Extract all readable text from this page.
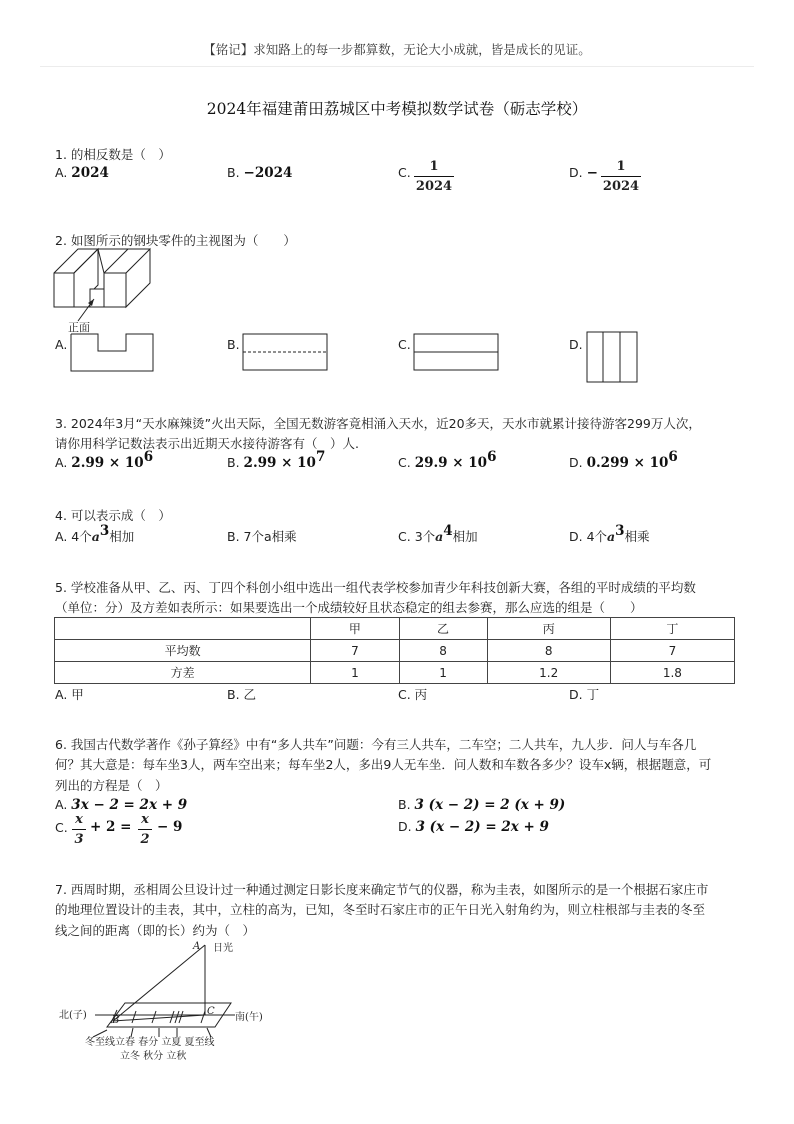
【铭记】求知路上的每一步都算数，无论大小成就，皆是成长的见证。
2024年福建莆田荔城区中考模拟数学试卷（砺志学校）
1. 的相反数是（　）
A. 2024	B. −2024	C.	1
2024
D. −	1
2024
2. 如图所示的钢块零件的主视图为（　　）
正面
A.	B.	C.	D.
3. 2024年3月“天水麻辣烫”火出天际，全国无数游客竟相涌入天水，近20多天，天水市就累计接待游客299万人次，
请你用科学记数法表示出近期天水接待游客有（　）人.
A. $2.99 \times 10^6$	B. $2.99 \times 10^7$	C. $29.9 \times 10^6$	D. $0.299 \times 10^6$
4. 可以表示成（　）
A. 4个$a^3$相加	B. 7个a相乘	C. 3个$a^4$相加	D. 4个$a^3$相乘
5. 学校准备从甲、乙、丙、丁四个科创小组中选出一组代表学校参加青少年科技创新大赛，各组的平时成绩的平均数
（单位：分）及方差如表所示：如果要选出一个成绩较好且状态稳定的组去参赛，那么应选的组是（　　）
	甲	乙	丙	丁
平均数	7	8	8	7
方差	1	1	1.2	1.8
A. 甲	B. 乙	C. 丙	D. 丁
6. 我国古代数学著作《孙子算经》中有“多人共车”问题：今有三人共车，二车空；二人共车，九人步．问人与车各几
何？其大意是：每车坐3人，两车空出来；每车坐2人，多出9人无车坐．问人数和车数各多少？设车x辆，根据题意，可
列出的方程是（　）
A. 3x − 2 = 2x + 9	B. 3 (x − 2) = 2 (x + 9)
C.
x
3
+ 2 = x
2
− 9	D. 3 (x − 2) = 2x + 9
7. 西周时期，丞相周公旦设计过一种通过测定日影长度来确定节气的仪器，称为圭表，如图所示的是一个根据石家庄市
的地理位置设计的圭表，其中，立柱的高为，已知，冬至时石家庄市的正午日光入射角约为，则立柱根部与圭表的冬至
线之间的距离（即的长）约为（　）
A
B
C
日光
北(子)	南(午)
冬至线立春 春分 立夏 夏至线
立冬 秋分 立秋
